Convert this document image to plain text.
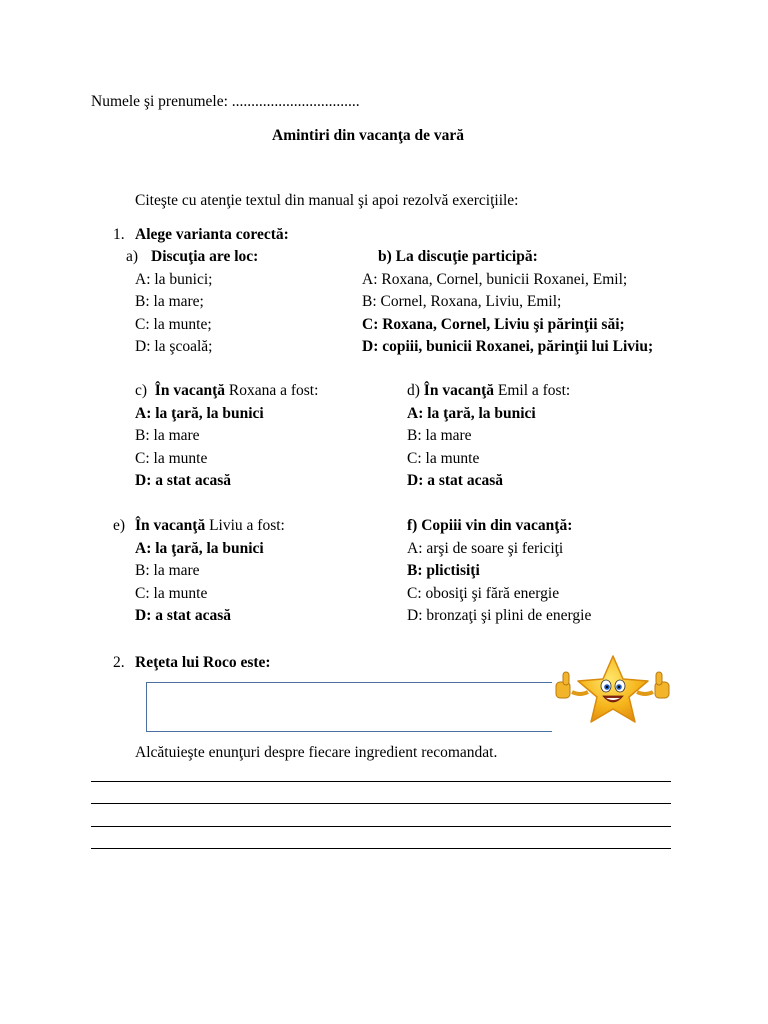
Numele şi prenumele: .................................
Amintiri din vacanţa de vară
Citeşte cu atenţie textul din manual şi apoi rezolvă exerciţiile:
1. Alege varianta corectă:
a) Discuţia are loc:
A: la bunici;
B: la mare;
C: la munte;
D: la şcoală;
b) La discuţie participă:
A: Roxana, Cornel, bunicii Roxanei, Emil;
B: Cornel, Roxana, Liviu, Emil;
C: Roxana, Cornel, Liviu şi părinţii săi;
D: copiii, bunicii Roxanei, părinţii lui Liviu;
c) În vacanţă Roxana a fost:
A: la ţară, la bunici
B: la mare
C: la munte
D: a stat acasă
d) În vacanţă Emil a fost:
A: la ţară, la bunici
B: la mare
C: la munte
D: a stat acasă
e) În vacanţă Liviu a fost:
A: la ţară, la bunici
B: la mare
C: la munte
D: a stat acasă
f) Copiii vin din vacanţă:
A: arşi de soare şi fericiţi
B: plictisiţi
C: obosiţi şi fără energie
D: bronzaţi şi plini de energie
2. Reţeta lui Roco este:
Alcătuieşte enunţuri despre fiecare ingredient recomandat.
